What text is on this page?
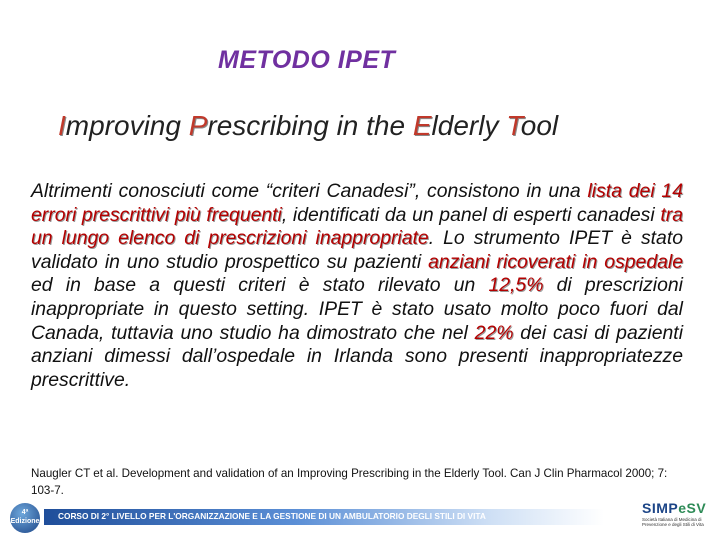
METODO IPET
Improving Prescribing in the Elderly Tool
Altrimenti conosciuti come “criteri Canadesi”, consistono in una lista dei 14 errori prescrittivi più frequenti, identificati da un panel di esperti canadesi tra un lungo elenco di prescrizioni inappropriate. Lo strumento IPET è stato validato in uno studio prospettico su pazienti anziani ricoverati in ospedale ed in base a questi criteri è stato rilevato un 12,5% di prescrizioni inappropriate in questo setting. IPET è stato usato molto poco fuori dal Canada, tuttavia uno studio ha dimostrato che nel 22% dei casi di pazienti anziani dimessi dall’ospedale in Irlanda sono presenti inappropriatezze prescrittive.
Naugler CT et al. Development and validation of an Improving Prescribing in the Elderly Tool. Can J Clin Pharmacol 2000; 7: 103-7.
4ª
Edizione
CORSO DI 2° LIVELLO PER L'ORGANIZZAZIONE E LA GESTIONE DI UN AMBULATORIO DEGLI STILI DI VITA	SIMPeSV
Società Italiana di Medicina di Prevenzione e degli Stili di Vita
